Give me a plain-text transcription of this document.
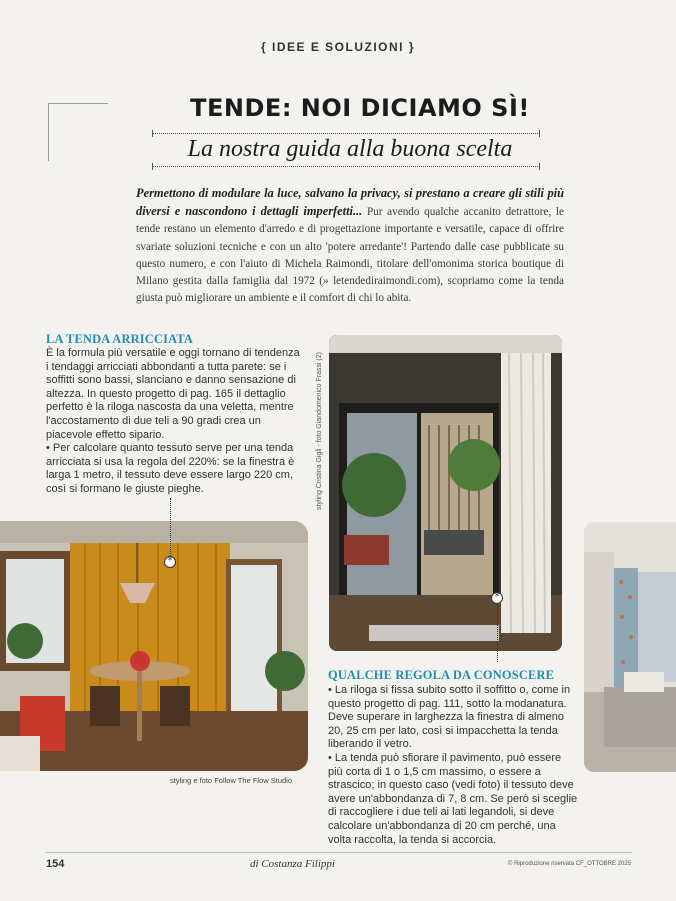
{ IDEE E SOLUZIONI }
TENDE: NOI DICIAMO SÌ!
La nostra guida alla buona scelta

Permettono di modulare la luce, salvano la privacy, si prestano a creare gli stili più diversi e nascondono i dettagli imperfetti... Pur avendo qualche accanito detrattore, le tende restano un elemento d'arredo e di progettazione importante e versatile, capace di offrire svariate soluzioni tecniche e con un alto 'potere arredante'! Partendo dalle case pubblicate su questo numero, e con l'aiuto di Michela Raimondi, titolare dell'omonima storica boutique di Milano gestita dalla famiglia dal 1972 (» letendediraimondi.com), scopriamo come la tenda giusta può migliorare un ambiente e il comfort di chi lo abita.

LA TENDA ARRICCIATA

È la formula più versatile e oggi tornano di tendenza i tendaggi arricciati abbondanti a tutta parete: se i soffitti sono bassi, slanciano e danno sensazione di altezza. In questo progetto di pag. 165 il dettaglio perfetto è la riloga nascosta da una veletta, mentre l'accostamento di due teli a 90 gradi crea un piacevole effetto sipario.

• Per calcolare quanto tessuto serve per una tenda arricciata si usa la regola del 220%: se la finestra è larga 1 metro, il tessuto deve essere largo 220 cm, così si formano le giuste pieghe.	styling Cristina Gigli - foto Giandomenico Frassi (2)
styling e foto Follow The Flow Studio
*
*
QUALCHE REGOLA DA CONOSCERE

• La riloga si fissa subito sotto il soffitto o, come in questo progetto di pag. 111, sotto la modanatura. Deve superare in larghezza la finestra di almeno 20, 25 cm per lato, così si impacchetta la tenda liberando il vetro.

• La tenda può sfiorare il pavimento, può essere più corta di 1 o 1,5 cm massimo, o essere a strascico; in questo caso (vedi foto) il tessuto deve avere un'abbondanza di 7, 8 cm. Se però si sceglie di raccogliere i due teli ai lati legandoli, si deve calcolare un'abbondanza di 20 cm perché, una volta raccolta, la tenda si accorcia.

154	di Costanza Filippi	© Riproduzione riservata CF_OTTOBRE 2025
